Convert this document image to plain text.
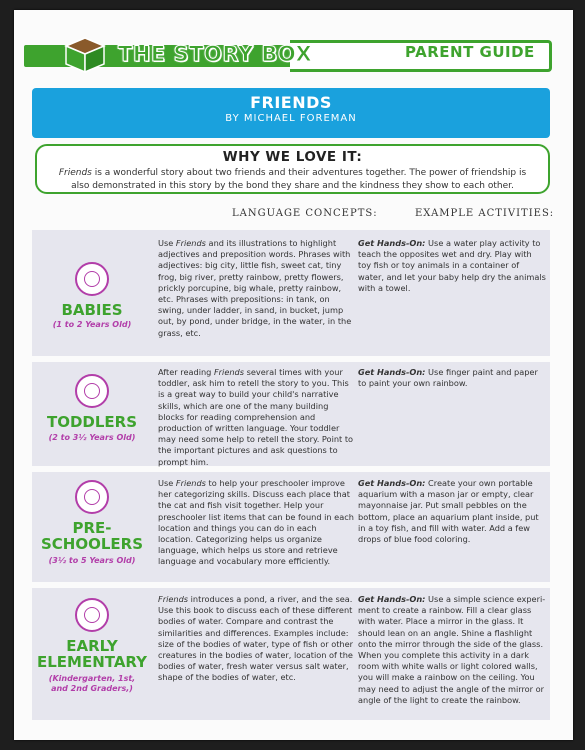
PARENT GUIDE
THE STORY BOX
FRIENDS
BY MICHAEL FOREMAN
WHY WE LOVE IT:
Friends is a wonderful story about two friends and their adventures together. The power of friendship is also demonstrated in this story by the bond they share and the kindness they show to each other.
LANGUAGE CONCEPTS:	EXAMPLE ACTIVITIES:
BABIES
(1 to 2 Years Old)
Use Friends and its illustrations to highlight adjectives and preposition words. Phrases with adjectives: big city, little fish, sweet cat, tiny frog, big river, pretty rainbow, pretty flowers, prickly porcupine, big whale, pretty rainbow, etc. Phrases with prepositions: in tank, on swing, under ladder, in sand, in bucket, jump out, by pond, under bridge, in the water, in the grass, etc.
Get Hands-On: Use a water play activity to teach the opposites wet and dry. Play with toy fish or toy animals in a container of water, and let your baby help dry the animals with a towel.
TODDLERS
(2 to 3½ Years Old)
After reading Friends several times with your toddler, ask him to retell the story to you. This is a great way to build your child's narrative skills, which are one of the many building blocks for reading comprehension and production of written language. Your toddler may need some help to retell the story. Point to the important pictures and ask questions to prompt him.
Get Hands-On: Use finger paint and paper to paint your own rainbow.
PRE-
SCHOOLERS
(3½ to 5 Years Old)
Use Friends to help your preschooler improve her categorizing skills. Discuss each place that the cat and fish visit together. Help your preschooler list items that can be found in each location and things you can do in each location. Categorizing helps us organize language, which helps us store and retrieve language and vocabulary more efficiently.
Get Hands-On: Create your own portable aquarium with a mason jar or empty, clear mayonnaise jar. Put small pebbles on the bottom, place an aquarium plant inside, put in a toy fish, and fill with water. Add a few drops of blue food coloring.
EARLY
ELEMENTARY
(Kindergarten, 1st,
and 2nd Graders,)
Friends introduces a pond, a river, and the sea. Use this book to discuss each of these different bodies of water. Compare and contrast the similarities and differences. Examples include: size of the bodies of water, type of fish or other creatures in the bodies of water, location of the bodies of water, fresh water versus salt water, shape of the bodies of water, etc.
Get Hands-On: Use a simple science experi-ment to create a rainbow. Fill a clear glass with water. Place a mirror in the glass. It should lean on an angle. Shine a flashlight onto the mirror through the side of the glass. When you complete this activity in a dark room with white walls or light colored walls, you will make a rainbow on the ceiling. You may need to adjust the angle of the mirror or angle of the light to create the rainbow.
